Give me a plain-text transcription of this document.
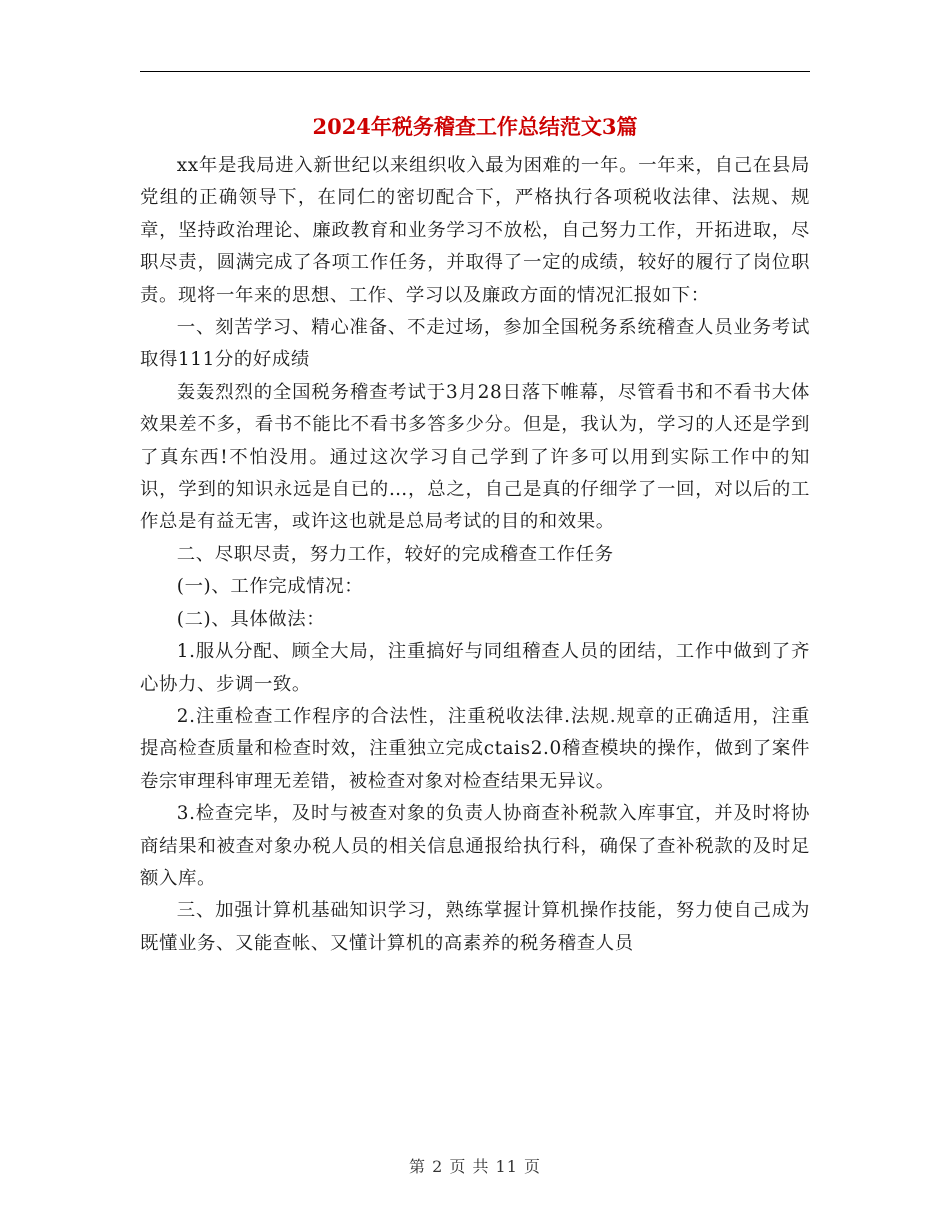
2024年税务稽查工作总结范文3篇

xx年是我局进入新世纪以来组织收入最为困难的一年。一年来，自己在县局党组的正确领导下，在同仁的密切配合下，严格执行各项税收法律、法规、规章，坚持政治理论、廉政教育和业务学习不放松，自己努力工作，开拓进取，尽职尽责，圆满完成了各项工作任务，并取得了一定的成绩，较好的履行了岗位职责。现将一年来的思想、工作、学习以及廉政方面的情况汇报如下：

一、刻苦学习、精心准备、不走过场，参加全国税务系统稽查人员业务考试取得111分的好成绩

轰轰烈烈的全国税务稽查考试于3月28日落下帷幕，尽管看书和不看书大体效果差不多，看书不能比不看书多答多少分。但是，我认为，学习的人还是学到了真东西!不怕没用。通过这次学习自己学到了许多可以用到实际工作中的知识，学到的知识永远是自已的…，总之，自己是真的仔细学了一回，对以后的工作总是有益无害，或许这也就是总局考试的目的和效果。

二、尽职尽责，努力工作，较好的完成稽查工作任务

(一)、工作完成情况：

(二)、具体做法：

1.服从分配、顾全大局，注重搞好与同组稽查人员的团结，工作中做到了齐心协力、步调一致。

2.注重检查工作程序的合法性，注重税收法律.法规.规章的正确适用，注重提高检查质量和检查时效，注重独立完成ctais2.0稽查模块的操作，做到了案件卷宗审理科审理无差错，被检查对象对检查结果无异议。

3.检查完毕，及时与被查对象的负责人协商查补税款入库事宜，并及时将协商结果和被查对象办税人员的相关信息通报给执行科，确保了查补税款的及时足额入库。

三、加强计算机基础知识学习，熟练掌握计算机操作技能，努力使自己成为既懂业务、又能查帐、又懂计算机的高素养的税务稽查人员

第 2 页 共 11 页
